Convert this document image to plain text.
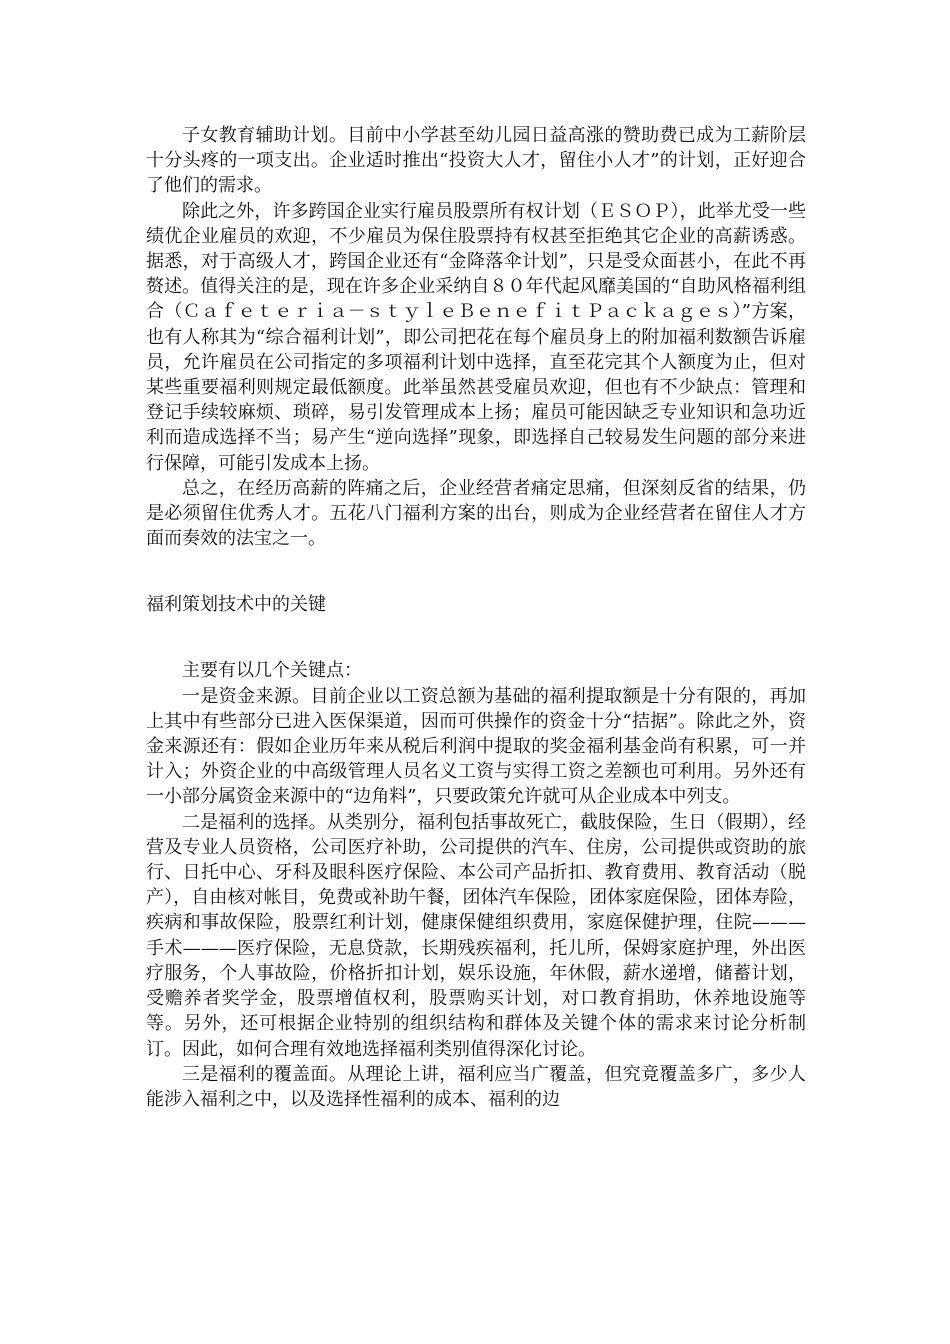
子女教育辅助计划。目前中小学甚至幼儿园日益高涨的赞助费已成为工薪阶层十分头疼的一项支出。企业适时推出“投资大人才，留住小人才”的计划，正好迎合了他们的需求。

除此之外，许多跨国企业实行雇员股票所有权计划（ＥＳＯＰ），此举尤受一些绩优企业雇员的欢迎，不少雇员为保住股票持有权甚至拒绝其它企业的高薪诱惑。据悉，对于高级人才，跨国企业还有“金降落伞计划”，只是受众面甚小，在此不再赘述。值得关注的是，现在许多企业采纳自８０年代起风靡美国的“自助风格福利组合（Ｃａｆｅｔｅｒｉａ－ｓｔｙｌｅＢｅｎｅｆｉｔＰａｃｋａｇｅｓ）”方案，也有人称其为“综合福利计划”，即公司把花在每个雇员身上的附加福利数额告诉雇员，允许雇员在公司指定的多项福利计划中选择，直至花完其个人额度为止，但对某些重要福利则规定最低额度。此举虽然甚受雇员欢迎，但也有不少缺点：管理和登记手续较麻烦、琐碎，易引发管理成本上扬；雇员可能因缺乏专业知识和急功近利而造成选择不当；易产生“逆向选择”现象，即选择自己较易发生问题的部分来进行保障，可能引发成本上扬。

总之，在经历高薪的阵痛之后，企业经营者痛定思痛，但深刻反省的结果，仍是必须留住优秀人才。五花八门福利方案的出台，则成为企业经营者在留住人才方面而奏效的法宝之一。

福利策划技术中的关键

主要有以几个关键点：

一是资金来源。目前企业以工资总额为基础的福利提取额是十分有限的，再加上其中有些部分已进入医保渠道，因而可供操作的资金十分“拮据”。除此之外，资金来源还有：假如企业历年来从税后利润中提取的奖金福利基金尚有积累，可一并计入；外资企业的中高级管理人员名义工资与实得工资之差额也可利用。另外还有一小部分属资金来源中的“边角料”，只要政策允许就可从企业成本中列支。

二是福利的选择。从类别分，福利包括事故死亡，截肢保险，生日（假期），经营及专业人员资格，公司医疗补助，公司提供的汽车、住房，公司提供或资助的旅行、日托中心、牙科及眼科医疗保险、本公司产品折扣、教育费用、教育活动（脱产），自由核对帐目，免费或补助午餐，团体汽车保险，团体家庭保险，团体寿险，疾病和事故保险，股票红利计划，健康保健组织费用，家庭保健护理，住院———手术———医疗保险，无息贷款，长期残疾福利，托儿所，保姆家庭护理，外出医疗服务，个人事故险，价格折扣计划，娱乐设施，年休假，薪水递增，储蓄计划，受赡养者奖学金，股票增值权利，股票购买计划，对口教育捐助，休养地设施等等。另外，还可根据企业特别的组织结构和群体及关键个体的需求来讨论分析制订。因此，如何合理有效地选择福利类别值得深化讨论。

三是福利的覆盖面。从理论上讲，福利应当广覆盖，但究竟覆盖多广，多少人能涉入福利之中，以及选择性福利的成本、福利的边
